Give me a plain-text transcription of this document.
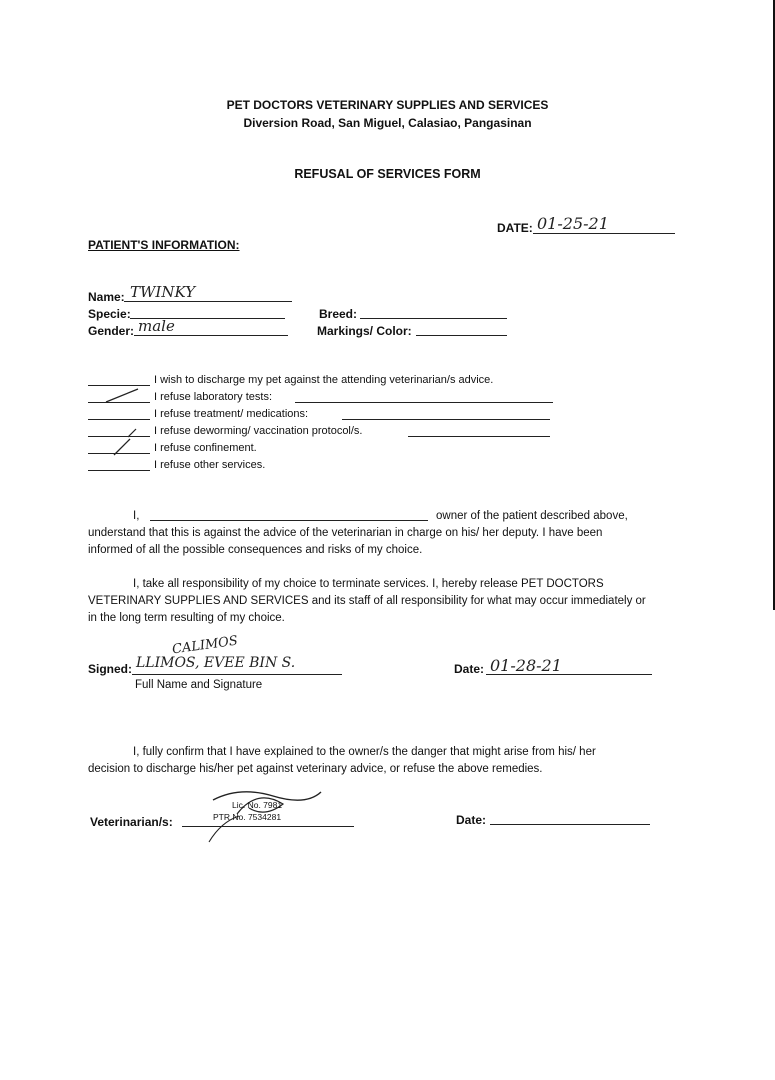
PET DOCTORS VETERINARY SUPPLIES AND SERVICES
Diversion Road, San Miguel, Calasiao, Pangasinan
REFUSAL OF SERVICES FORM
DATE: 01-25-21
PATIENT'S INFORMATION:
Name: TWINKY
Specie:	Breed:
Gender: male	Markings/ Color:
I wish to discharge my pet against the attending veterinarian/s advice.
I refuse laboratory tests:
I refuse treatment/ medications:
I refuse deworming/ vaccination protocol/s.
I refuse confinement.
I refuse other services.
I,	owner of the patient described above,
understand that this is against the advice of the veterinarian in charge on his/ her deputy. I have been
informed of all the possible consequences and risks of my choice.
I, take all responsibility of my choice to terminate services. I, hereby release PET DOCTORS
VETERINARY SUPPLIES AND SERVICES and its staff of all responsibility for what may occur immediately or
in the long term resulting of my choice.
Signed:
CALIMOS
LLIMOS, EVEE BIN S.
Full Name and Signature
Date: 01-28-21
I, fully confirm that I have explained to the owner/s the danger that might arise from his/ her
decision to discharge his/her pet against veterinary advice, or refuse the above remedies.
Lic. No. 7981
PTR No. 7534281
Veterinarian/s:	Date:
